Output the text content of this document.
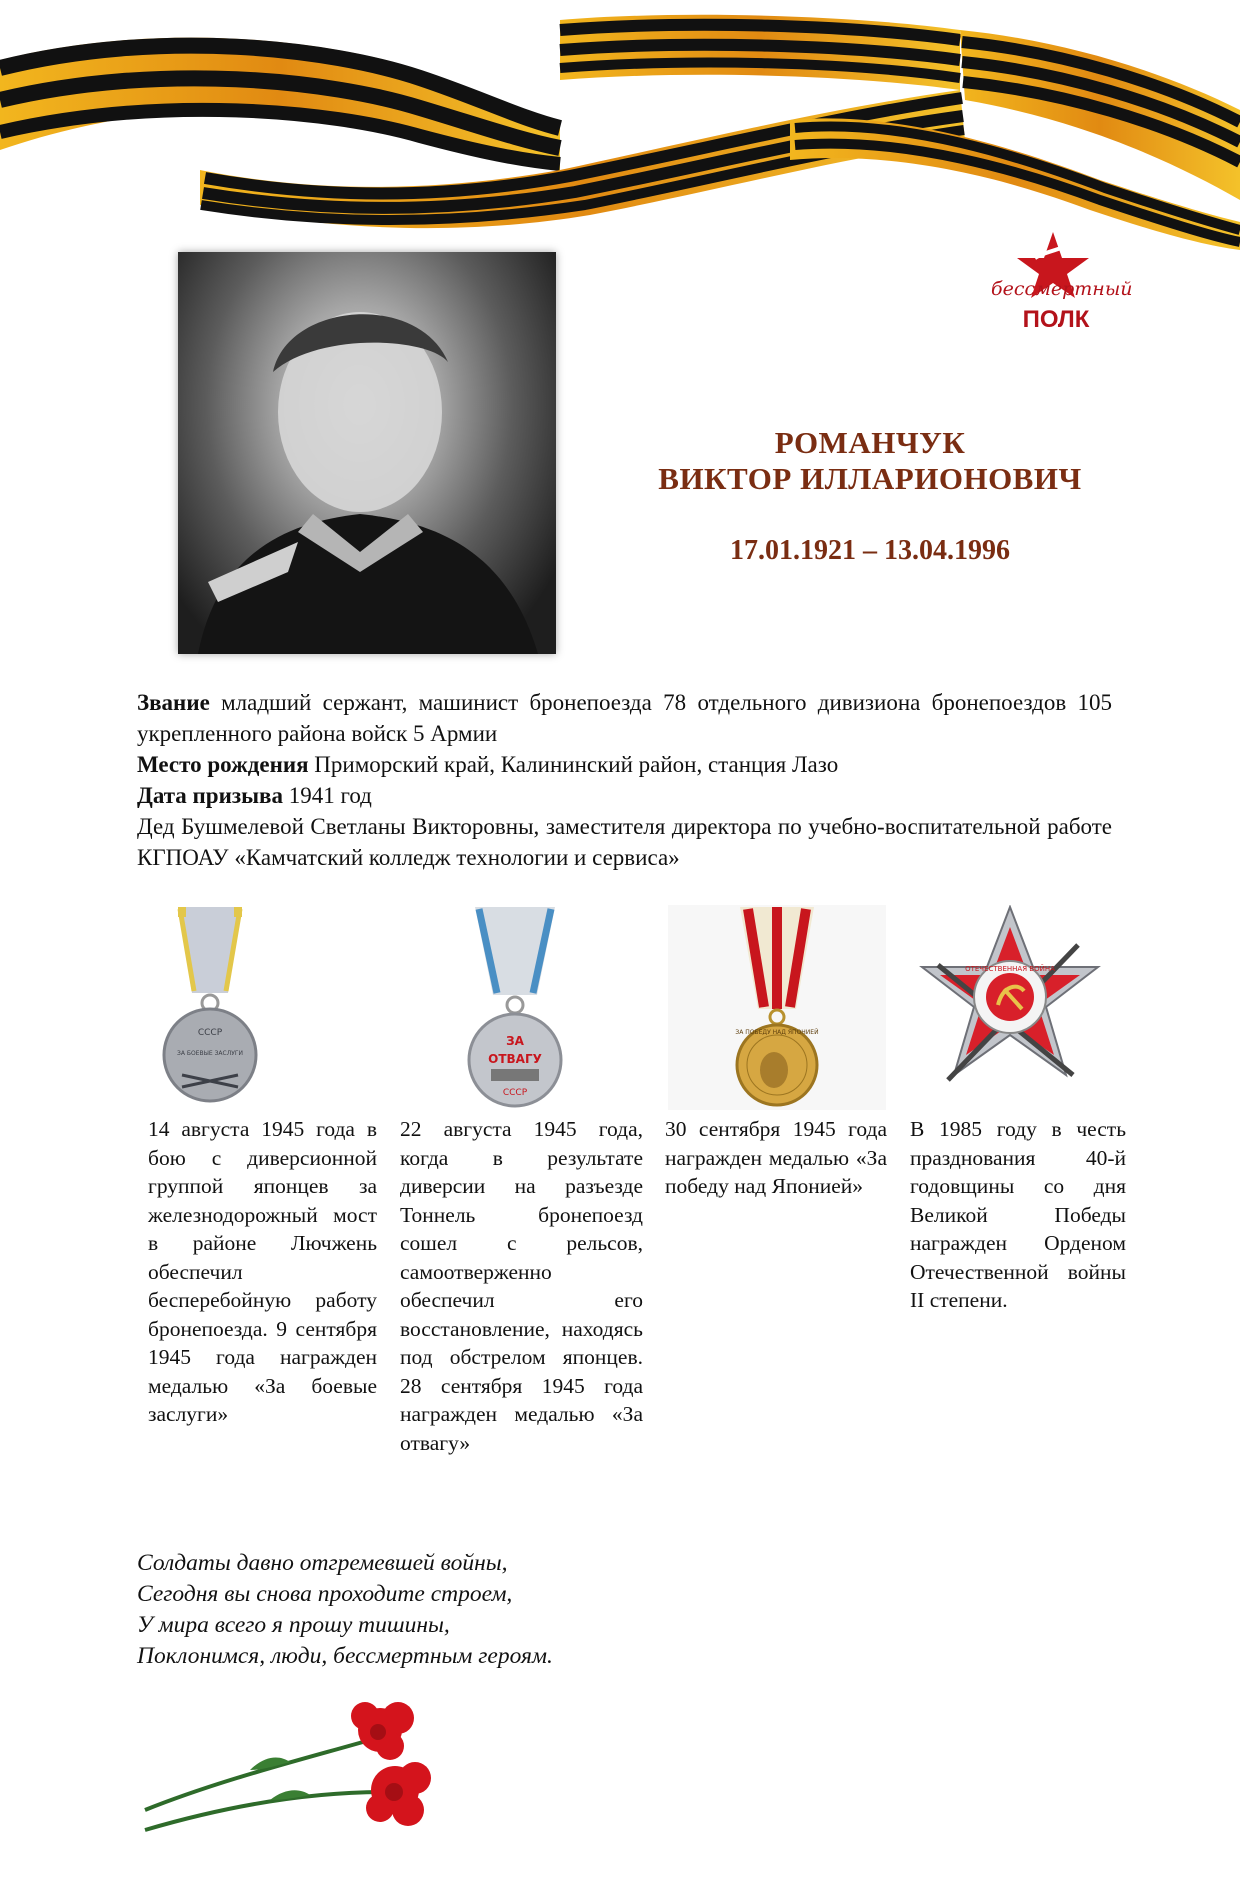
бессмертный
ПОЛК
РОМАНЧУК
ВИКТОР ИЛЛАРИОНОВИЧ
17.01.1921 – 13.04.1996

Звание младший сержант, машинист бронепоезда 78 отдельного дивизиона бронепоездов 105 укрепленного района войск 5 Армии

Место рождения Приморский край, Калининский район, станция Лазо

Дата призыва 1941 год

Дед Бушмелевой Светланы Викторовны, заместителя директора по учебно-воспитательной работе КГПОАУ «Камчатский колледж технологии и сервиса»

СССР
ЗА БОЕВЫЕ ЗАСЛУГИ
ЗА
ОТВАГУ
СССР
ЗА ПОБЕДУ НАД ЯПОНИЕЙ
ОТЕЧЕСТВЕННАЯ ВОЙНА
14 августа 1945 года в бою с диверсионной группой японцев за железнодорожный мост в районе Лючжень обеспечил бесперебойную работу бронепоезда. 9 сентября 1945 года награжден медалью «За боевые заслуги»
22 августа 1945 года, когда в результате диверсии на разъезде Тоннель бронепоезд сошел с рельсов, самоотверженно обеспечил его восстановление, находясь под обстрелом японцев. 28 сентября 1945 года награжден медалью «За отвагу»
30 сентября 1945 года награжден медалью «За победу над Японией»
В 1985 году в честь празднования 40-й годовщины со дня Великой Победы награжден Орденом Отечественной войны II степени.
Солдаты давно отгремевшей войны,
Сегодня вы снова проходите строем,
У мира всего я прошу тишины,
Поклонимся, люди, бессмертным героям.
